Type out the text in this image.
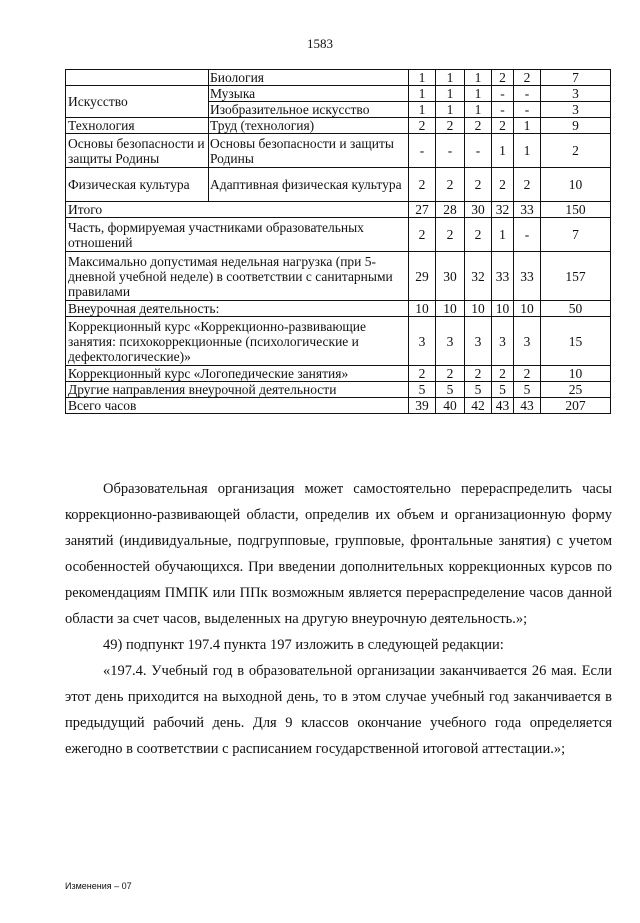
1583
	Биология	1	1	1	2	2	7
Искусство	Музыка	1	1	1	-	-	3
	Изобразительное искусство	1	1	1	-	-	3
Технология	Труд (технология)	2	2	2	2	1	9
Основы безопасности и защиты Родины	Основы безопасности и защиты Родины	-	-	-	1	1	2
Физическая культура	Адаптивная физическая культура	2	2	2	2	2	10
Итого		27	28	30	32	33	150
Часть, формируемая участниками образовательных отношений		2	2	2	1	-	7
Максимально допустимая недельная нагрузка (при 5-дневной учебной неделе) в соответствии с санитарными правилами		29	30	32	33	33	157
Внеурочная деятельность:		10	10	10	10	10	50
Коррекционный курс «Коррекционно-развивающие занятия: психокоррекционные (психологические и дефектологические)»		3	3	3	3	3	15
Коррекционный курс «Логопедические занятия»		2	2	2	2	2	10
Другие направления внеурочной деятельности		5	5	5	5	5	25
Всего часов		39	40	42	43	43	207

Образовательная организация может самостоятельно перераспределить часы коррекционно-развивающей области, определив их объем и организационную форму занятий (индивидуальные, подгрупповые, групповые, фронтальные занятия) с учетом особенностей обучающихся. При введении дополнительных коррекционных курсов по рекомендациям ПМПК или ППк возможным является перераспределение часов данной области за счет часов, выделенных на другую внеурочную деятельность.»;

49) подпункт 197.4 пункта 197 изложить в следующей редакции:

«197.4. Учебный год в образовательной организации заканчивается 26 мая. Если этот день приходится на выходной день, то в этом случае учебный год заканчивается в предыдущий рабочий день. Для 9 классов окончание учебного года определяется ежегодно в соответствии с расписанием государственной итоговой аттестации.»;

Изменения – 07
